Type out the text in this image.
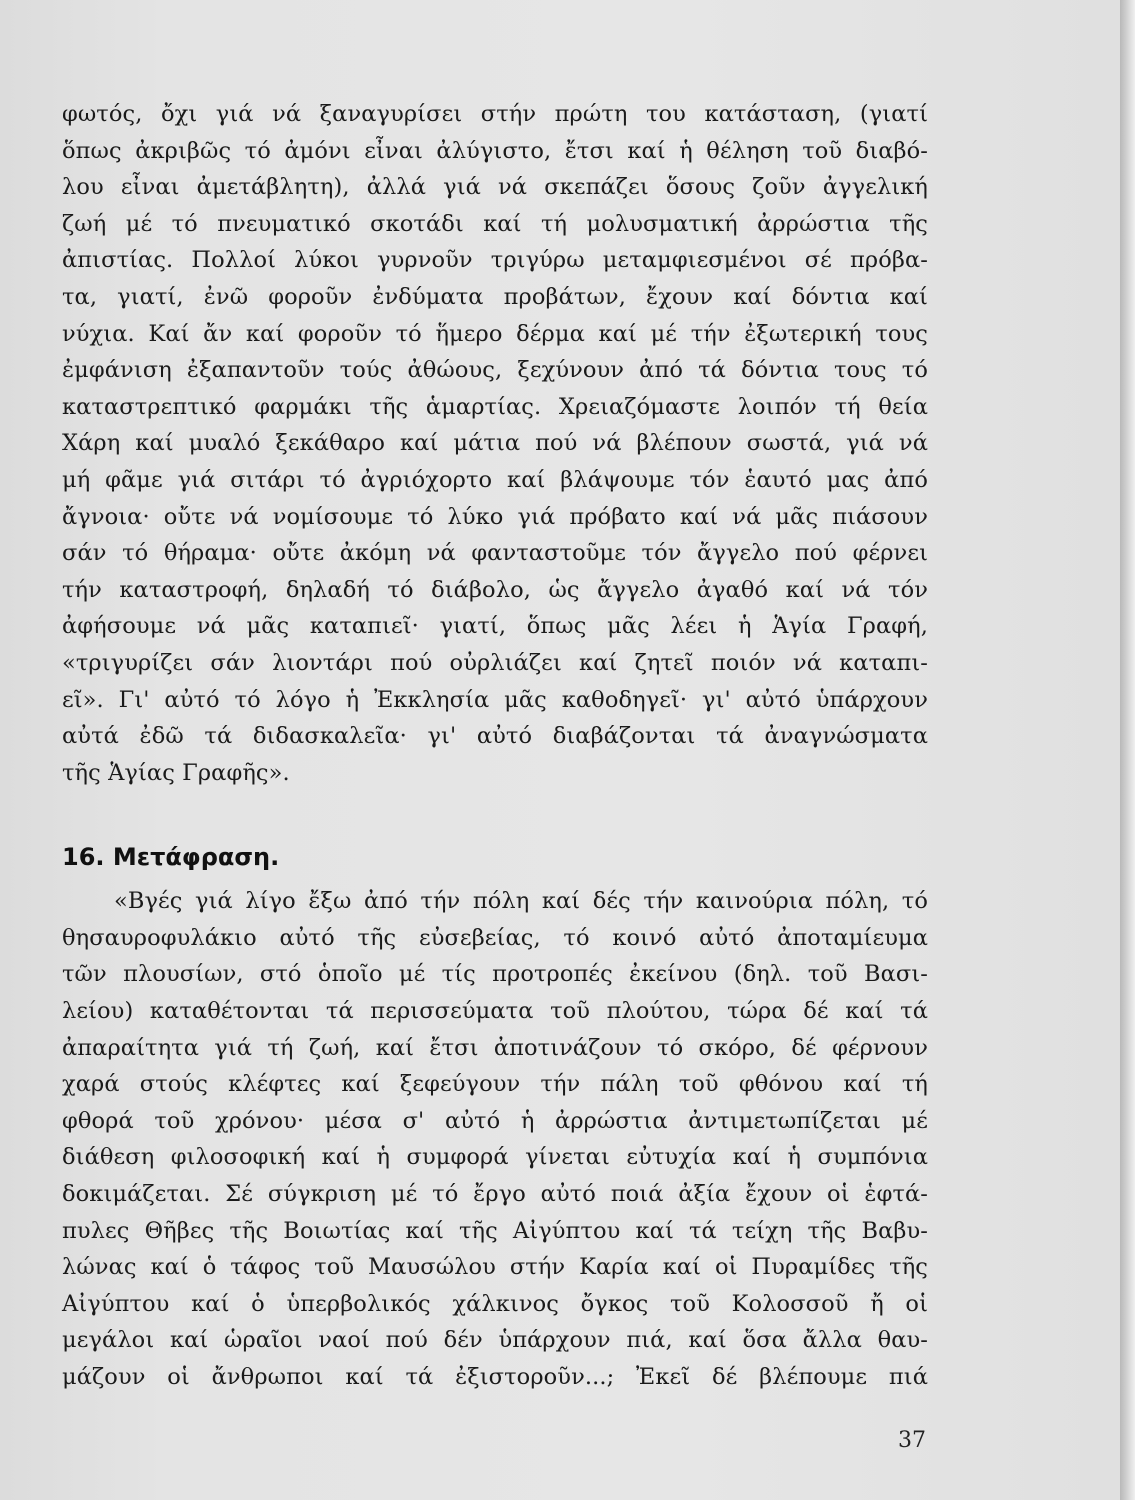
φωτός, ὄχι γιά νά ξαναγυρίσει στήν πρώτη του κατάσταση, (γιατί
ὅπως ἀκριβῶς τό ἀμόνι εἶναι ἀλύγιστο, ἔτσι καί ἡ θέληση τοῦ διαβό-
λου εἶναι ἀμετάβλητη), ἀλλά γιά νά σκεπάζει ὅσους ζοῦν ἀγγελική
ζωή μέ τό πνευματικό σκοτάδι καί τή μολυσματική ἀρρώστια τῆς
ἀπιστίας. Πολλοί λύκοι γυρνοῦν τριγύρω μεταμφιεσμένοι σέ πρόβα-
τα, γιατί, ἐνῶ φοροῦν ἐνδύματα προβάτων, ἔχουν καί δόντια καί
νύχια. Καί ἄν καί φοροῦν τό ἥμερο δέρμα καί μέ τήν ἐξωτερική τους
ἐμφάνιση ἐξαπαντοῦν τούς ἀθώους, ξεχύνουν ἀπό τά δόντια τους τό
καταστρεπτικό φαρμάκι τῆς ἁμαρτίας. Χρειαζόμαστε λοιπόν τή θεία
Χάρη καί μυαλό ξεκάθαρο καί μάτια πού νά βλέπουν σωστά, γιά νά
μή φᾶμε γιά σιτάρι τό ἀγριόχορτο καί βλάψουμε τόν ἑαυτό μας ἀπό
ἄγνοια· οὔτε νά νομίσουμε τό λύκο γιά πρόβατο καί νά μᾶς πιάσουν
σάν τό θήραμα· οὔτε ἀκόμη νά φανταστοῦμε τόν ἄγγελο πού φέρνει
τήν καταστροφή, δηλαδή τό διάβολο, ὡς ἄγγελο ἀγαθό καί νά τόν
ἀφήσουμε νά μᾶς καταπιεῖ· γιατί, ὅπως μᾶς λέει ἡ Ἁγία Γραφή,
«τριγυρίζει σάν λιοντάρι πού οὐρλιάζει καί ζητεῖ ποιόν νά καταπι-
εῖ». Γι' αὐτό τό λόγο ἡ Ἐκκλησία μᾶς καθοδηγεῖ· γι' αὐτό ὑπάρχουν
αὐτά ἐδῶ τά διδασκαλεῖα· γι' αὐτό διαβάζονται τά ἀναγνώσματα
τῆς Ἁγίας Γραφῆς».
16. Μετάφραση.
«Βγές γιά λίγο ἔξω ἀπό τήν πόλη καί δές τήν καινούρια πόλη, τό
θησαυροφυλάκιο αὐτό τῆς εὐσεβείας, τό κοινό αὐτό ἀποταμίευμα
τῶν πλουσίων, στό ὁποῖο μέ τίς προτροπές ἐκείνου (δηλ. τοῦ Βασι-
λείου) καταθέτονται τά περισσεύματα τοῦ πλούτου, τώρα δέ καί τά
ἀπαραίτητα γιά τή ζωή, καί ἔτσι ἀποτινάζουν τό σκόρο, δέ φέρνουν
χαρά στούς κλέφτες καί ξεφεύγουν τήν πάλη τοῦ φθόνου καί τή
φθορά τοῦ χρόνου· μέσα σ' αὐτό ἡ ἀρρώστια ἀντιμετωπίζεται μέ
διάθεση φιλοσοφική καί ἡ συμφορά γίνεται εὐτυχία καί ἡ συμπόνια
δοκιμάζεται. Σέ σύγκριση μέ τό ἔργο αὐτό ποιά ἀξία ἔχουν οἱ ἑφτά-
πυλες Θῆβες τῆς Βοιωτίας καί τῆς Αἰγύπτου καί τά τείχη τῆς Βαβυ-
λώνας καί ὁ τάφος τοῦ Μαυσώλου στήν Καρία καί οἱ Πυραμίδες τῆς
Αἰγύπτου καί ὁ ὑπερβολικός χάλκινος ὄγκος τοῦ Κολοσσοῦ ἤ οἱ
μεγάλοι καί ὡραῖοι ναοί πού δέν ὑπάρχουν πιά, καί ὅσα ἄλλα θαυ-
μάζουν οἱ ἄνθρωποι καί τά ἐξιστοροῦν...; Ἐκεῖ δέ βλέπουμε πιά
37
